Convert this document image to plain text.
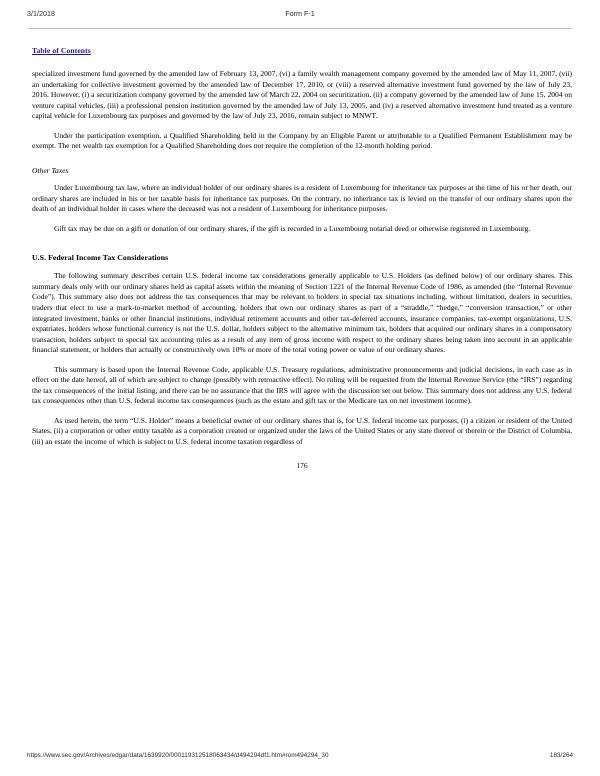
3/1/2018	Form F-1
Table of Contents

specialized investment fund governed by the amended law of February 13, 2007, (vi) a family wealth management company governed by the amended law of May 11, 2007, (vii) an undertaking for collective investment governed by the amended law of December 17, 2010, or (viii) a reserved alternative investment fund governed by the law of July 23, 2016. However, (i) a securitization company governed by the amended law of March 22, 2004 on securitization, (ii) a company governed by the amended law of June 15, 2004 on venture capital vehicles, (iii) a professional pension institution governed by the amended law of July 13, 2005, and (iv) a reserved alternative investment fund treated as a venture capital vehicle for Luxembourg tax purposes and governed by the law of July 23, 2016, remain subject to MNWT.

Under the participation exemption, a Qualified Shareholding held in the Company by an Eligible Parent or attributable to a Qualified Permanent Establishment may be exempt. The net wealth tax exemption for a Qualified Shareholding does not require the completion of the 12-month holding period.

Other Taxes

Under Luxembourg tax law, where an individual holder of our ordinary shares is a resident of Luxembourg for inheritance tax purposes at the time of his or her death, our ordinary shares are included in his or her taxable basis for inheritance tax purposes. On the contrary, no inheritance tax is levied on the transfer of our ordinary shares upon the death of an individual holder in cases where the deceased was not a resident of Luxembourg for inheritance purposes.

Gift tax may be due on a gift or donation of our ordinary shares, if the gift is recorded in a Luxembourg notarial deed or otherwise registered in Luxembourg.

U.S. Federal Income Tax Considerations

The following summary describes certain U.S. federal income tax considerations generally applicable to U.S. Holders (as defined below) of our ordinary shares. This summary deals only with our ordinary shares held as capital assets within the meaning of Section 1221 of the Internal Revenue Code of 1986, as amended (the “Internal Revenue Code”). This summary also does not address the tax consequences that may be relevant to holders in special tax situations including, without limitation, dealers in securities, traders that elect to use a mark-to-market method of accounting, holders that own our ordinary shares as part of a “straddle,” “hedge,” “conversion transaction,” or other integrated investment, banks or other financial institutions, individual retirement accounts and other tax-deferred accounts, insurance companies, tax-exempt organizations, U.S. expatriates, holders whose functional currency is not the U.S. dollar, holders subject to the alternative minimum tax, holders that acquired our ordinary shares in a compensatory transaction, holders subject to special tax accounting rules as a result of any item of gross income with respect to the ordinary shares being taken into account in an applicable financial statement, or holders that actually or constructively own 10% or more of the total voting power or value of our ordinary shares.

This summary is based upon the Internal Revenue Code, applicable U.S. Treasury regulations, administrative pronouncements and judicial decisions, in each case as in effect on the date hereof, all of which are subject to change (possibly with retroactive effect). No ruling will be requested from the Internal Revenue Service (the “IRS”) regarding the tax consequences of the initial listing, and there can be no assurance that the IRS will agree with the discussion set out below. This summary does not address any U.S. federal tax consequences other than U.S. federal income tax consequences (such as the estate and gift tax or the Medicare tax on net investment income).

As used herein, the term “U.S. Holder” means a beneficial owner of our ordinary shares that is, for U.S. federal income tax purposes, (i) a citizen or resident of the United States, (ii) a corporation or other entity taxable as a corporation created or organized under the laws of the United States or any state thereof or therein or the District of Columbia, (iii) an estate the income of which is subject to U.S. federal income taxation regardless of

176
https://www.sec.gov/Archives/edgar/data/1639920/000119312518063434/d494294df1.htm#rom494294_30	183/264
